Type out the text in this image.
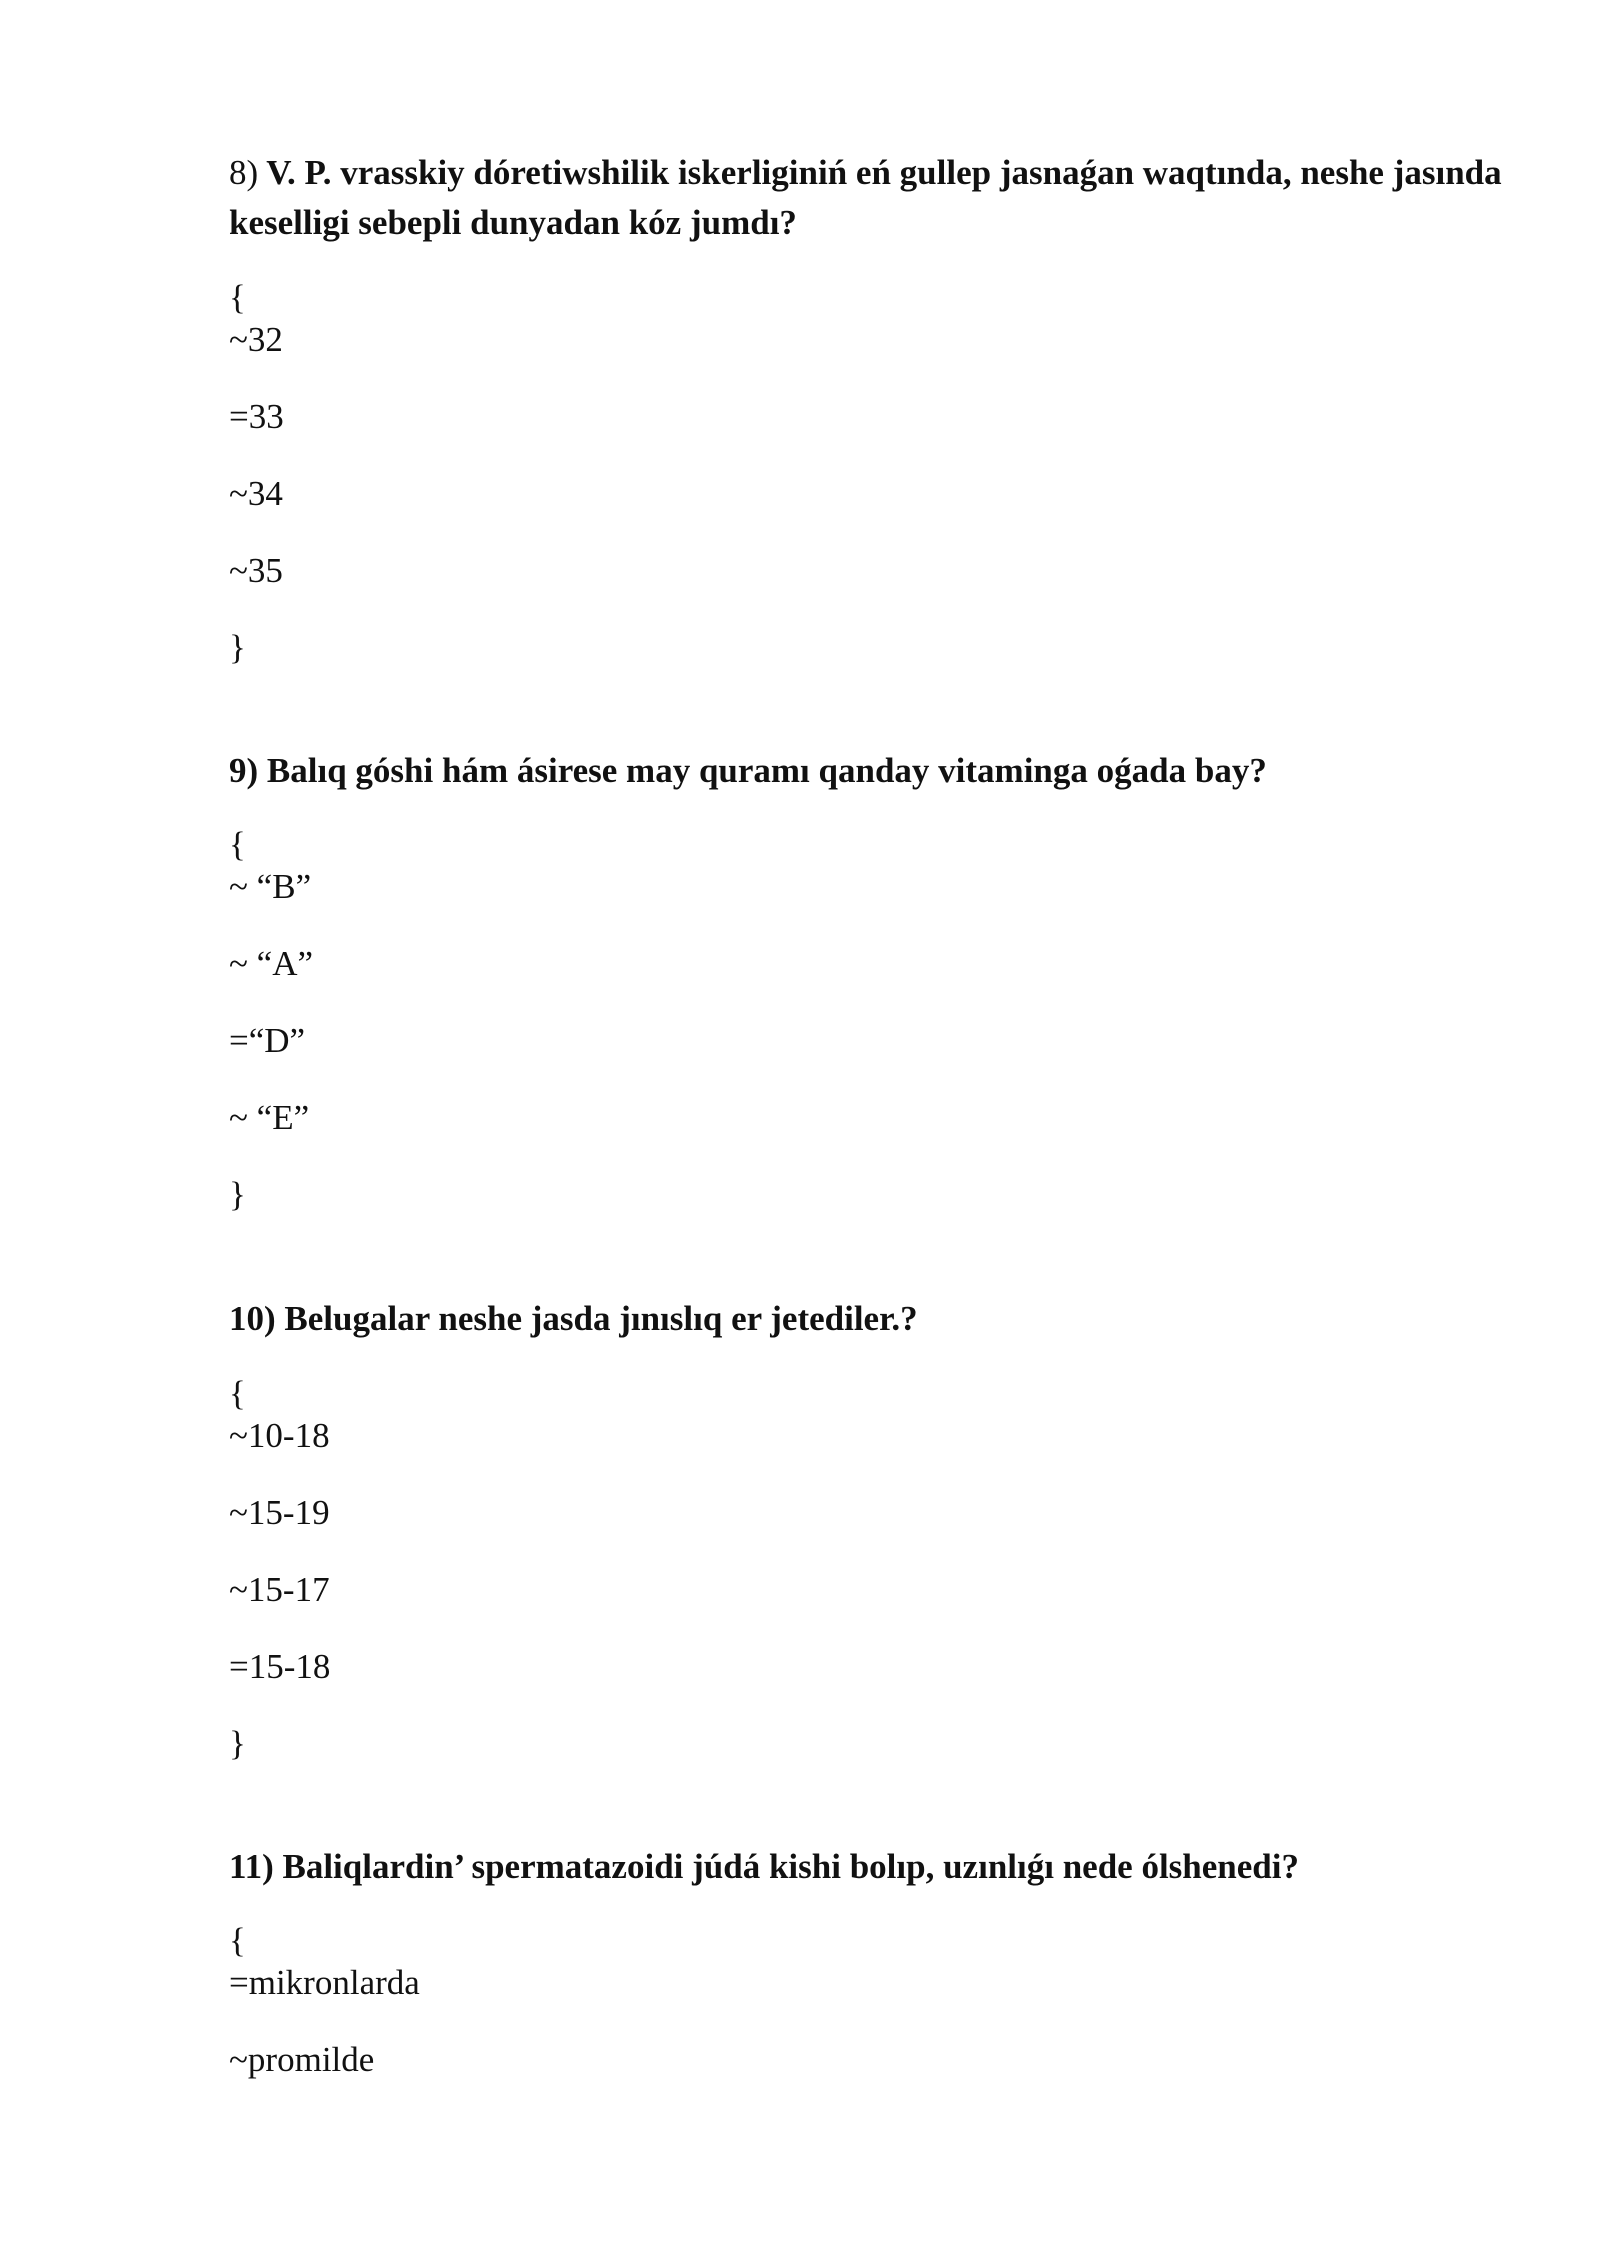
8) V. P. vrasskiy dóretiwshilik iskerliginiń eń gullep jasnaǵan waqtında, neshe jasında keselligi sebepli dunyadan kóz jumdı?

{

~32

=33

~34

~35

}

9) Balıq góshi hám ásirese may quramı qanday vitaminga oǵada bay?

{

~ “B”

~ “A”

=“D”

~ “E”

}

10) Belugalar neshe jasda jınıslıq er jetediler.?

{

~10-18

~15-19

~15-17

=15-18

}

11) Baliqlardin’ spermatazoidi júdá kishi bolıp, uzınlıǵı nede ólshenedi?

{

=mikronlarda

~promilde
